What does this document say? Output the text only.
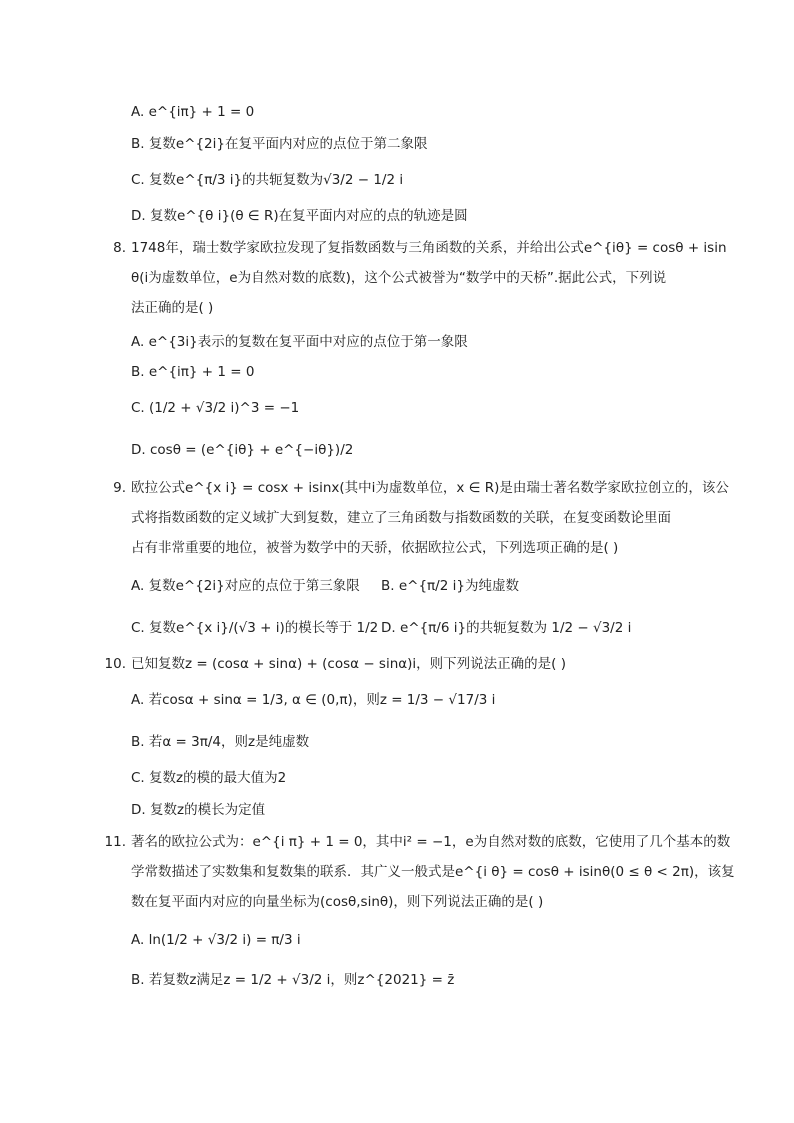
A. e^{iπ} + 1 = 0
B. 复数e^{2i}在复平面内对应的点位于第二象限
C. 复数e^{π/3 i}的共轭复数为√3/2 − 1/2 i
D. 复数e^{θ i}(θ ∈ R)在复平面内对应的点的轨迹是圆
8. 1748年，瑞士数学家欧拉发现了复指数函数与三角函数的关系，并给出公式e^{iθ} = cosθ + isin
θ(i为虚数单位，e为自然对数的底数)，这个公式被誉为“数学中的天桥”.据此公式，下列说
法正确的是( )
A. e^{3i}表示的复数在复平面中对应的点位于第一象限
B. e^{iπ} + 1 = 0
C. (1/2 + √3/2 i)^3 = −1
D. cosθ = (e^{iθ} + e^{−iθ})/2
9. 欧拉公式e^{x i} = cosx + isinx(其中i为虚数单位，x ∈ R)是由瑞士著名数学家欧拉创立的，该公
式将指数函数的定义域扩大到复数，建立了三角函数与指数函数的关联，在复变函数论里面
占有非常重要的地位，被誉为数学中的天骄，依据欧拉公式，下列选项正确的是( )
A. 复数e^{2i}对应的点位于第三象限 B. e^{π/2 i}为纯虚数
C. 复数e^{x i}/(√3 + i)的模长等于 1/2 D. e^{π/6 i}的共轭复数为 1/2 − √3/2 i
10. 已知复数z = (cosα + sinα) + (cosα − sinα)i，则下列说法正确的是( )
A. 若cosα + sinα = 1/3, α ∈ (0,π)，则z = 1/3 − √17/3 i
B. 若α = 3π/4，则z是纯虚数
C. 复数z的模的最大值为2
D. 复数z的模长为定值
11. 著名的欧拉公式为：e^{i π} + 1 = 0，其中i² = −1，e为自然对数的底数，它使用了几个基本的数
学常数描述了实数集和复数集的联系．其广义一般式是e^{i θ} = cosθ + isinθ(0 ≤ θ < 2π)，该复
数在复平面内对应的向量坐标为(cosθ,sinθ)，则下列说法正确的是( )
A. ln(1/2 + √3/2 i) = π/3 i
B. 若复数z满足z = 1/2 + √3/2 i，则z^{2021} = z̄
